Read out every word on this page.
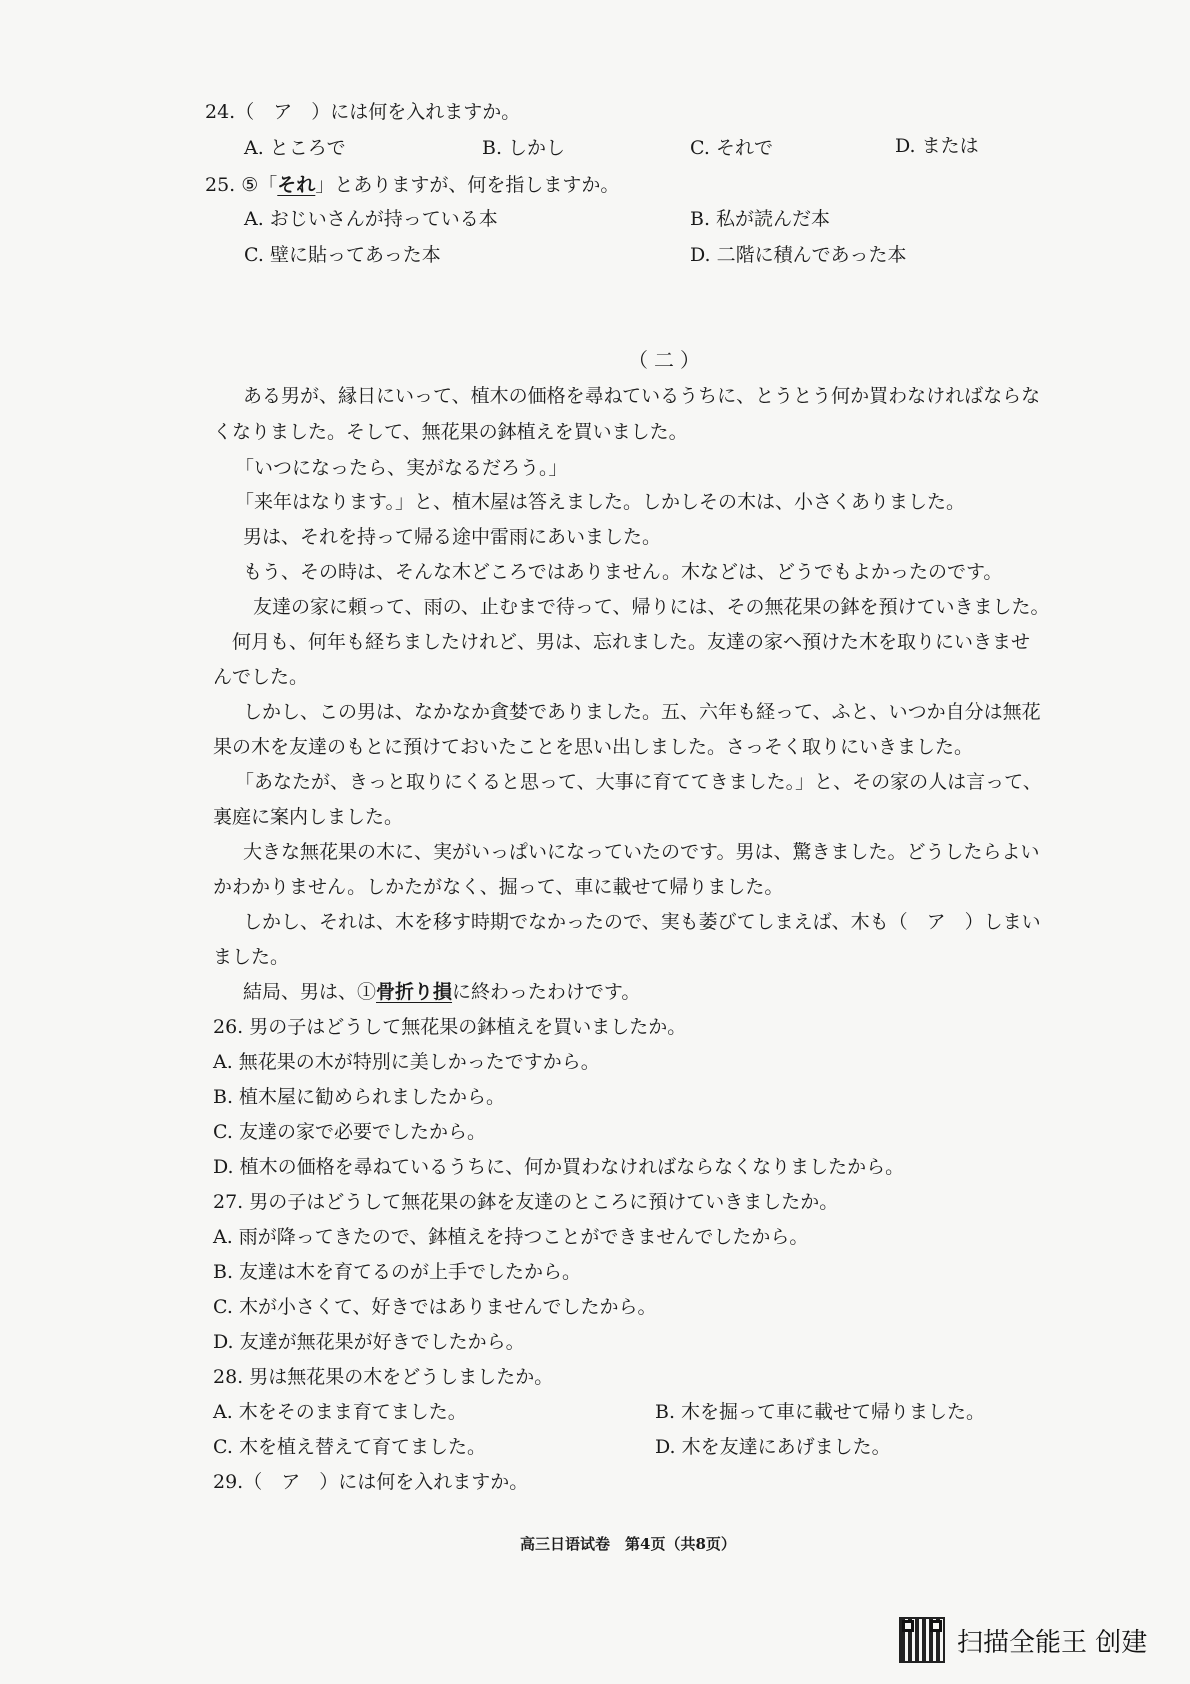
24.（　ア　）には何を入れますか。
A. ところで	B. しかし	C. それで	D. または
25. ⑤「それ」とありますが、何を指しますか。
A. おじいさんが持っている本	B. 私が読んだ本
C. 壁に貼ってあった本	D. 二階に積んであった本
（二）
ある男が、縁日にいって、植木の価格を尋ねているうちに、とうとう何か買わなければならな
くなりました。そして、無花果の鉢植えを買いました。
「いつになったら、実がなるだろう。」
「来年はなります。」と、植木屋は答えました。しかしその木は、小さくありました。
男は、それを持って帰る途中雷雨にあいました。
もう、その時は、そんな木どころではありません。木などは、どうでもよかったのです。
友達の家に頼って、雨の、止むまで待って、帰りには、その無花果の鉢を預けていきました。
何月も、何年も経ちましたけれど、男は、忘れました。友達の家へ預けた木を取りにいきませ
んでした。
しかし、この男は、なかなか貪婪でありました。五、六年も経って、ふと、いつか自分は無花
果の木を友達のもとに預けておいたことを思い出しました。さっそく取りにいきました。
「あなたが、きっと取りにくると思って、大事に育ててきました。」と、その家の人は言って、
裏庭に案内しました。
大きな無花果の木に、実がいっぱいになっていたのです。男は、驚きました。どうしたらよい
かわかりません。しかたがなく、掘って、車に載せて帰りました。
しかし、それは、木を移す時期でなかったので、実も萎びてしまえば、木も（　ア　）しまい
ました。
結局、男は、①骨折り損に終わったわけです。
26. 男の子はどうして無花果の鉢植えを買いましたか。
A. 無花果の木が特別に美しかったですから。
B. 植木屋に勧められましたから。
C. 友達の家で必要でしたから。
D. 植木の価格を尋ねているうちに、何か買わなければならなくなりましたから。
27. 男の子はどうして無花果の鉢を友達のところに預けていきましたか。
A. 雨が降ってきたので、鉢植えを持つことができませんでしたから。
B. 友達は木を育てるのが上手でしたから。
C. 木が小さくて、好きではありませんでしたから。
D. 友達が無花果が好きでしたから。
28. 男は無花果の木をどうしましたか。
A. 木をそのまま育てました。	B. 木を掘って車に載せて帰りました。
C. 木を植え替えて育てました。	D. 木を友達にあげました。
29.（　ア　）には何を入れますか。
高三日语试卷　第4页（共8页）
扫描全能王 创建
